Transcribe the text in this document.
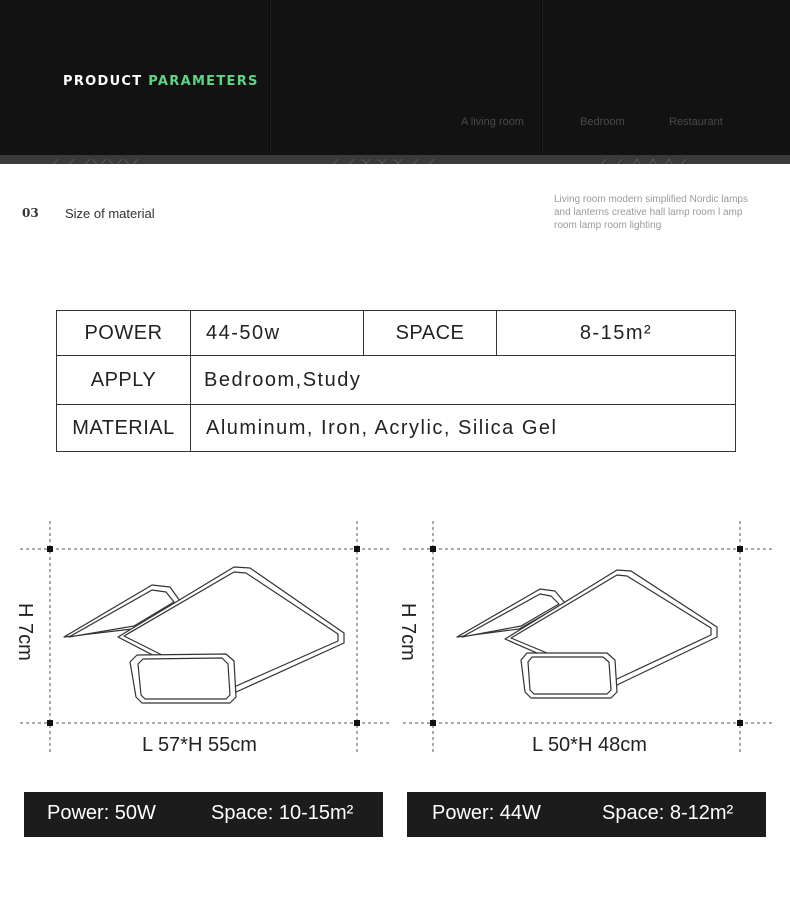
PRODUCT PARAMETERS
A living room	Bedroom	Restaurant
03 Size of material

Living room modern simplified Nordic lamps and lanterns creative hall lamp room l amp room lamp room lighting

POWER	44-50w	SPACE	8-15m²
APPLY	Bedroom,Study
MATERIAL	Aluminum, Iron, Acrylic, Silica Gel
H 7cm
L 57*H 55cm
H 7cm
L 50*H 48cm
Power: 50W	Space: 10-15m²	Power: 44W	Space: 8-12m²
